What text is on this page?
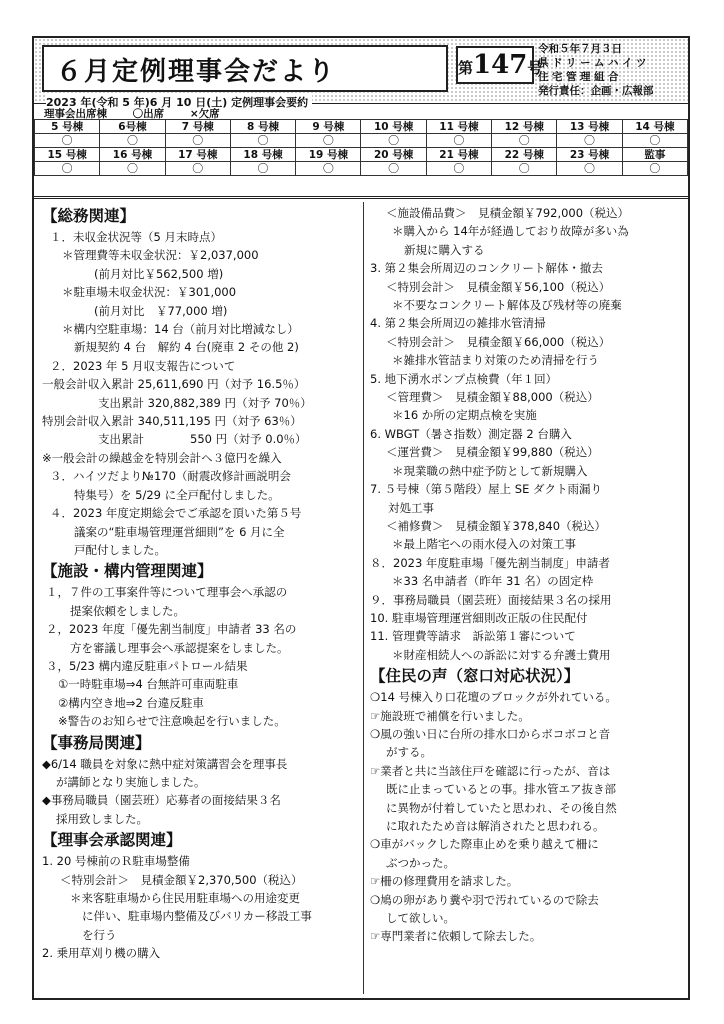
６月定例理事会だより	第147号
令和５年７月３日
県ドリームハイツ
住宅管理組合
発行責任：企画・広報部
2023 年(令和 5 年)6 月 10 日(土) 定例理事会要約
理事会出席棟 〇出席 ×欠席
5 号棟	6号棟	7 号棟	8 号棟	9 号棟	10 号棟	11 号棟	12 号棟	13 号棟	14 号棟
〇	〇	〇	〇	〇	〇	〇	〇	〇	〇
15 号棟	16 号棟	17 号棟	18 号棟	19 号棟	20 号棟	21 号棟	22 号棟	23 号棟	監事
〇	〇	〇	〇	〇	〇	〇	〇	〇	〇
【総務関連】
１．未収金状況等（5 月末時点）
＊管理費等未収金状況：￥2,037,000
(前月対比￥562,500 増)
＊駐車場未収金状況：￥301,000
(前月対比　￥77,000 増)
＊構内空駐車場：14 台（前月対比増減なし）
新規契約 4 台　解約 4 台(廃車 2 その他 2)
２．2023 年 5 月収支報告について
一般会計収入累計 25,611,690 円（対予 16.5％）
支出累計 320,882,389 円（対予 70％）
特別会計収入累計 340,511,195 円（対予 63％）
支出累計　　　　550 円（対予 0.0％）
※一般会計の繰越金を特別会計へ３億円を繰入
３．ハイツだより№170（耐震改修計画説明会
特集号）を 5/29 に全戸配付しました。
４．2023 年度定期総会でご承認を頂いた第５号
議案の“駐車場管理運営細則”を 6 月に全
戸配付しました。
【施設・構内管理関連】
１，７件の工事案件等について理事会へ承認の
提案依頼をしました。
２，2023 年度「優先割当制度」申請者 33 名の
方を審議し理事会へ承認提案をしました。
３，5/23 構内違反駐車パトロール結果
①一時駐車場⇒4 台無許可車両駐車
②構内空き地⇒2 台違反駐車
※警告のお知らせで注意喚起を行いました。
【事務局関連】
◆6/14 職員を対象に熱中症対策講習会を理事長
が講師となり実施しました。
◆事務局職員（園芸班）応募者の面接結果３名
採用致しました。
【理事会承認関連】
1. 20 号棟前のＲ駐車場整備
＜特別会計＞　見積金額￥2,370,500（税込）
＊来客駐車場から住民用駐車場への用途変更
に伴い、駐車場内整備及びバリカー移設工事
を行う
2. 乗用草刈り機の購入
＜施設備品費＞　見積金額￥792,000（税込）
＊購入から 14年が経過しており故障が多い為
新規に購入する
3. 第２集会所周辺のコンクリート解体・撤去
＜特別会計＞　見積金額￥56,100（税込）
＊不要なコンクリート解体及び残材等の廃棄
4. 第２集会所周辺の雑排水管清掃
＜特別会計＞　見積金額￥66,000（税込）
＊雑排水管詰まり対策のため清掃を行う
5. 地下湧水ポンプ点検費（年１回）
＜管理費＞　見積金額￥88,000（税込）
＊16 か所の定期点検を実施
6. WBGT（暑さ指数）測定器 2 台購入
＜運営費＞　見積金額￥99,880（税込）
＊現業職の熱中症予防として新規購入
7. ５号棟（第５階段）屋上 SE ダクト雨漏り
対処工事
＜補修費＞　見積金額￥378,840（税込）
＊最上階宅への雨水侵入の対策工事
８．2023 年度駐車場「優先割当制度」申請者
＊33 名申請者（昨年 31 名）の固定枠
９．事務局職員（園芸班）面接結果３名の採用
10. 駐車場管理運営細則改正版の住民配付
11. 管理費等請求　訴訟第１審について
＊財産相続人への訴訟に対する弁護士費用
【住民の声（窓口対応状況）】
❍14 号棟入り口花壇のブロックが外れている。
☞施設班で補償を行いました。
❍風の強い日に台所の排水口からボコボコと音
がする。
☞業者と共に当該住戸を確認に行ったが、音は
既に止まっているとの事。排水管エア抜き部
に異物が付着していたと思われ、その後自然
に取れたため音は解消されたと思われる。
❍車がバックした際車止めを乗り越えて柵に
ぶつかった。
☞柵の修理費用を請求した。
❍鳩の卵があり糞や羽で汚れているので除去
して欲しい。
☞専門業者に依頼して除去した。
